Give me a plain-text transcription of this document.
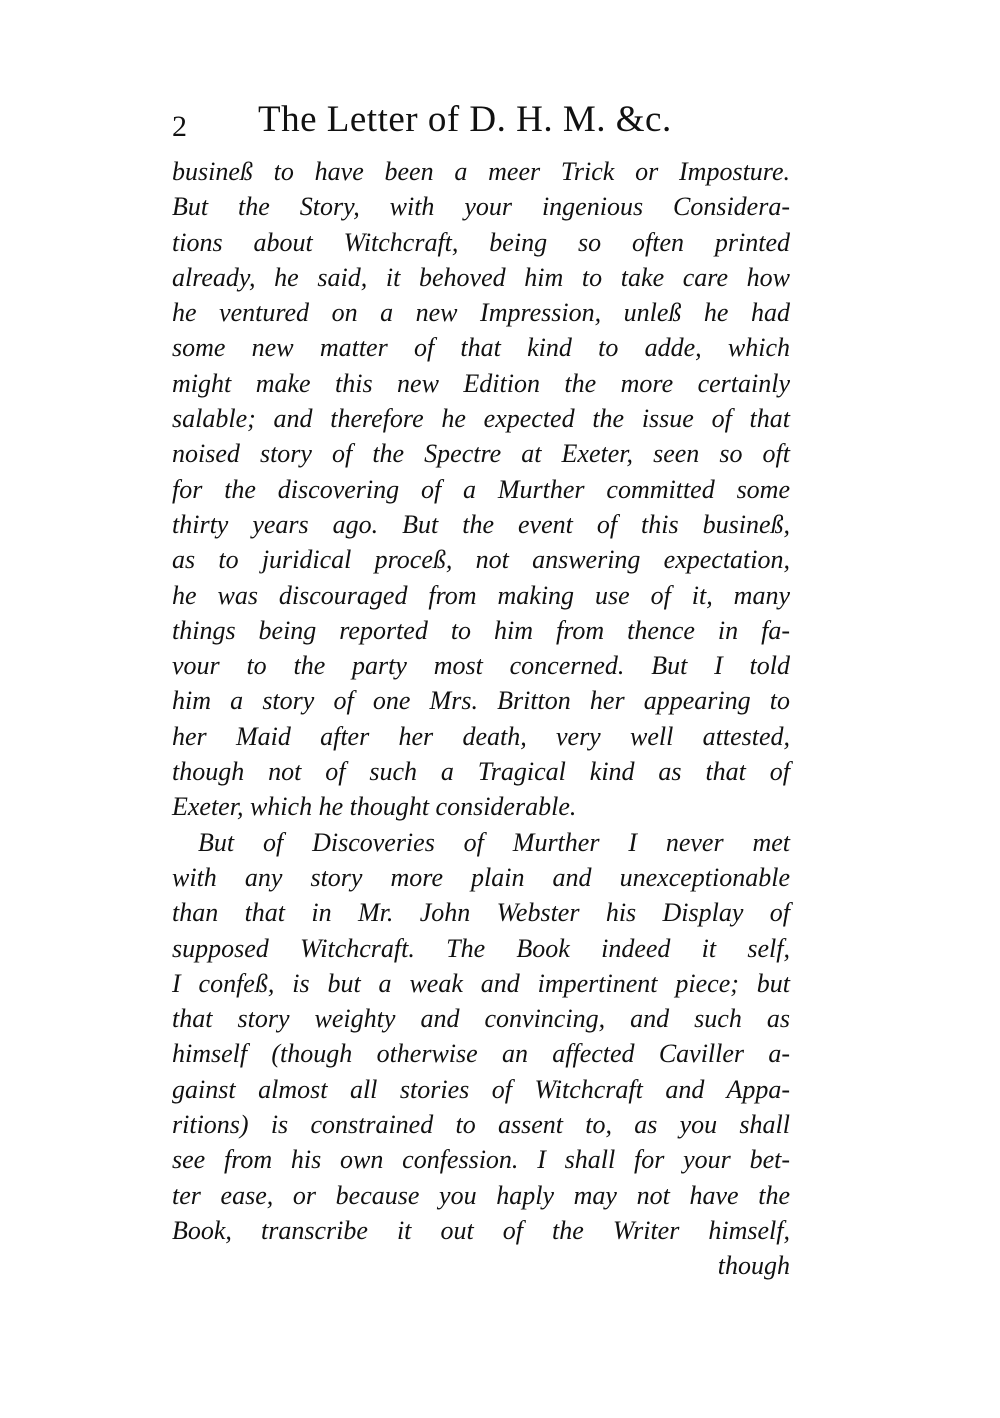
2 The Letter of D. H. M. &c.
busineß to have been a meer Trick or Imposture.
But the Story, with your ingenious Considera-
tions about Witchcraft, being so often printed
already, he said, it behoved him to take care how
he ventured on a new Impression, unleß he had
some new matter of that kind to adde, which
might make this new Edition the more certainly
salable; and therefore he expected the issue of that
noised story of the Spectre at Exeter, seen so oft
for the discovering of a Murther committed some
thirty years ago. But the event of this busineß,
as to juridical proceß, not answering expectation,
he was discouraged from making use of it, many
things being reported to him from thence in fa-
vour to the party most concerned. But I told
him a story of one Mrs. Britton her appearing to
her Maid after her death, very well attested,
though not of such a Tragical kind as that of
Exeter, which he thought considerable.
But of Discoveries of Murther I never met
with any story more plain and unexceptionable
than that in Mr. John Webster his Display of
supposed Witchcraft. The Book indeed it self,
I confeß, is but a weak and impertinent piece; but
that story weighty and convincing, and such as
himself (though otherwise an affected Caviller a-
gainst almost all stories of Witchcraft and Appa-
ritions) is constrained to assent to, as you shall
see from his own confession. I shall for your bet-
ter ease, or because you haply may not have the
Book, transcribe it out of the Writer himself,
though
